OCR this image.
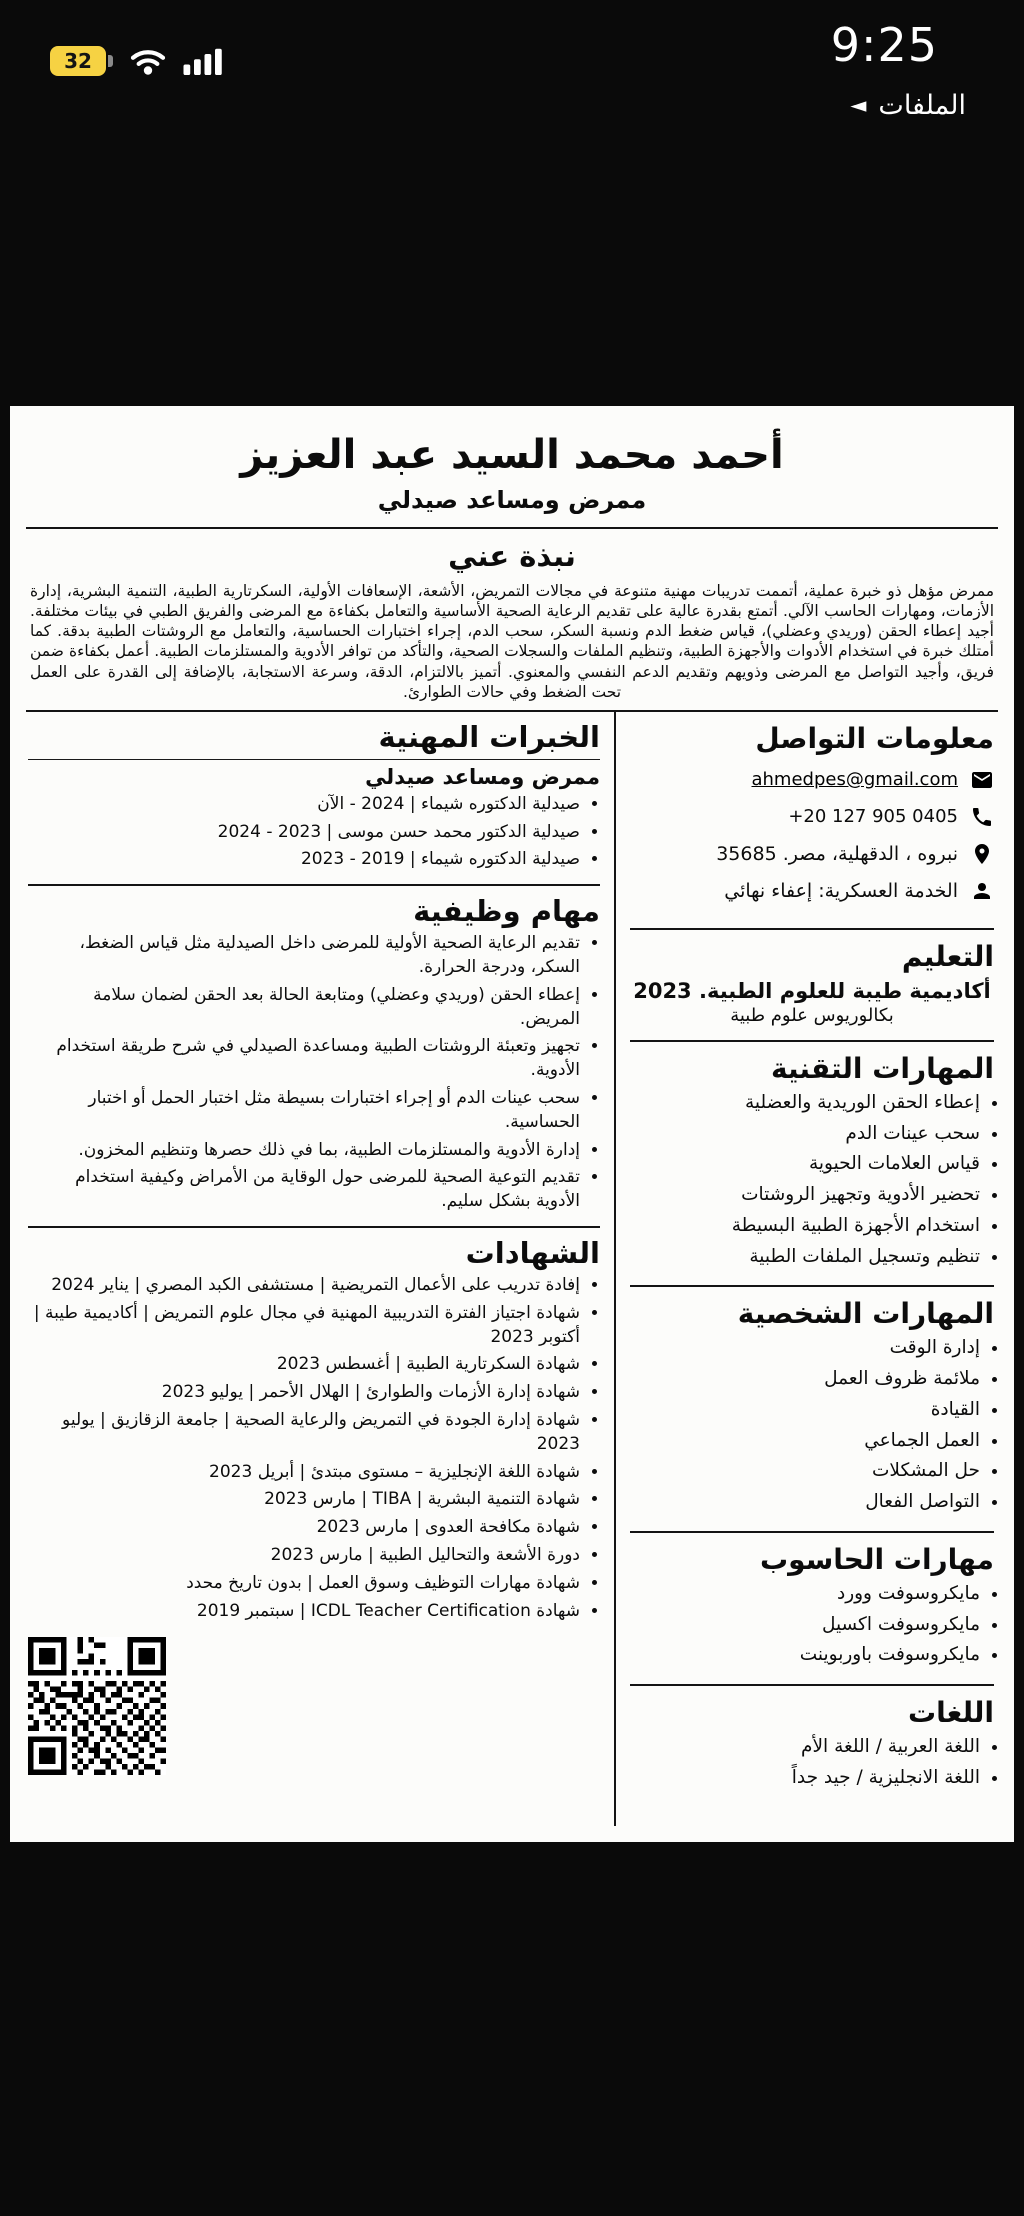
32	9:25
◄ الملفات
أحمد محمد السيد عبد العزيز
ممرض ومساعد صيدلي
نبذة عني

ممرض مؤهل ذو خبرة عملية، أتممت تدريبات مهنية متنوعة في مجالات التمريض، الأشعة، الإسعافات الأولية، السكرتارية الطبية، التنمية البشرية، إدارة الأزمات، ومهارات الحاسب الآلي. أتمتع بقدرة عالية على تقديم الرعاية الصحية الأساسية والتعامل بكفاءة مع المرضى والفريق الطبي في بيئات مختلفة. أجيد إعطاء الحقن (وريدي وعضلي)، قياس ضغط الدم ونسبة السكر، سحب الدم، إجراء اختبارات الحساسية، والتعامل مع الروشتات الطبية بدقة. كما أمتلك خبرة في استخدام الأدوات والأجهزة الطبية، وتنظيم الملفات والسجلات الصحية، والتأكد من توافر الأدوية والمستلزمات الطبية. أعمل بكفاءة ضمن فريق، وأجيد التواصل مع المرضى وذويهم وتقديم الدعم النفسي والمعنوي. أتميز بالالتزام، الدقة، وسرعة الاستجابة، بالإضافة إلى القدرة على العمل تحت الضغط وفي حالات الطوارئ.

معلومات التواصل
ahmedpes@gmail.com
+20 127 905 0405
نبروه ، الدقهلية، مصر. 35685
الخدمة العسكرية: إعفاء نهائي
التعليم

أكاديمية طيبة للعلوم الطبية. 2023

بكالوريوس علوم طبية

المهارات التقنية
• إعطاء الحقن الوريدية والعضلية
• سحب عينات الدم
• قياس العلامات الحيوية
• تحضير الأدوية وتجهيز الروشتات
• استخدام الأجهزة الطبية البسيطة
• تنظيم وتسجيل الملفات الطبية
المهارات الشخصية
• إدارة الوقت
• ملائمة ظروف العمل
• القيادة
• العمل الجماعي
• حل المشكلات
• التواصل الفعال
مهارات الحاسوب
• مايكروسوفت وورد
• مايكروسوفت اكسيل
• مايكروسوفت باوربوينت
اللغات
• اللغة العربية / اللغة الأم
• اللغة الانجليزية / جيد جداً
الخبرات المهنية
ممرض ومساعد صيدلي
• صيدلية الدكتوره شيماء | 2024 - الآن
• صيدلية الدكتور محمد حسن موسى | 2023 - 2024
• صيدلية الدكتوره شيماء | 2019 - 2023
مهام وظيفية
• تقديم الرعاية الصحية الأولية للمرضى داخل الصيدلية مثل قياس الضغط، السكر، ودرجة الحرارة.
• إعطاء الحقن (وريدي وعضلي) ومتابعة الحالة بعد الحقن لضمان سلامة المريض.
• تجهيز وتعبئة الروشتات الطبية ومساعدة الصيدلي في شرح طريقة استخدام الأدوية.
• سحب عينات الدم أو إجراء اختبارات بسيطة مثل اختبار الحمل أو اختبار الحساسية.
• إدارة الأدوية والمستلزمات الطبية، بما في ذلك حصرها وتنظيم المخزون.
• تقديم التوعية الصحية للمرضى حول الوقاية من الأمراض وكيفية استخدام الأدوية بشكل سليم.
الشهادات
• إفادة تدريب على الأعمال التمريضية | مستشفى الكبد المصري | يناير 2024
• شهادة اجتياز الفترة التدريبية المهنية في مجال علوم التمريض | أكاديمية طيبة | أكتوبر 2023
• شهادة السكرتارية الطبية | أغسطس 2023
• شهادة إدارة الأزمات والطوارئ | الهلال الأحمر | يوليو 2023
• شهادة إدارة الجودة في التمريض والرعاية الصحية | جامعة الزقازيق | يوليو 2023
• شهادة اللغة الإنجليزية – مستوى مبتدئ | أبريل 2023
• شهادة التنمية البشرية | TIBA | مارس 2023
• شهادة مكافحة العدوى | مارس 2023
• دورة الأشعة والتحاليل الطبية | مارس 2023
• شهادة مهارات التوظيف وسوق العمل | بدون تاريخ محدد
• شهادة ICDL Teacher Certification | سبتمبر 2019
